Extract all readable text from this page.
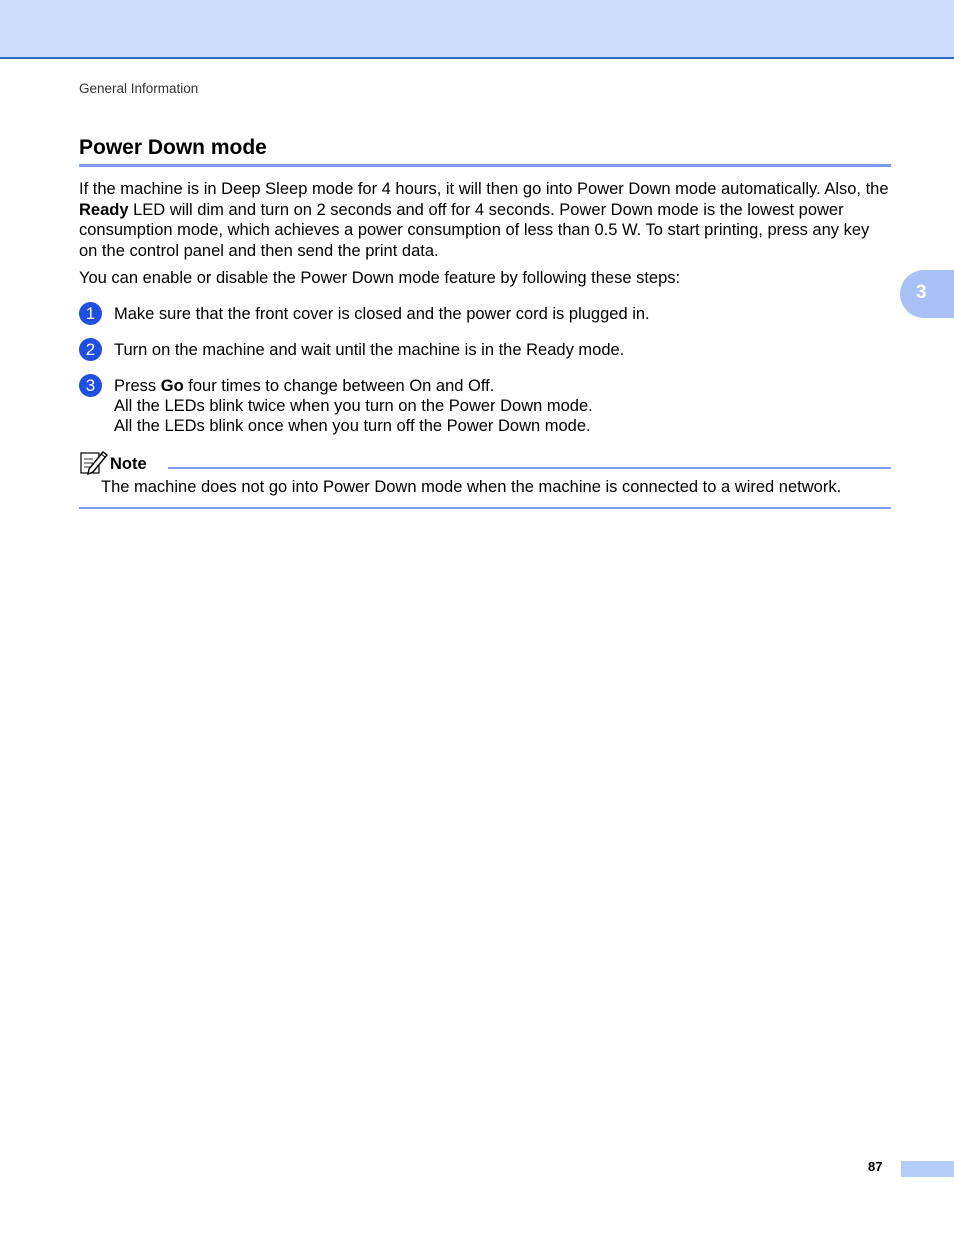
General Information
3
Power Down mode

If the machine is in Deep Sleep mode for 4 hours, it will then go into Power Down mode automatically. Also, the Ready LED will dim and turn on 2 seconds and off for 4 seconds. Power Down mode is the lowest power consumption mode, which achieves a power consumption of less than 0.5 W. To start printing, press any key on the control panel and then send the print data.

You can enable or disable the Power Down mode feature by following these steps:

1	Make sure that the front cover is closed and the power cord is plugged in.
2	Turn on the machine and wait until the machine is in the Ready mode.
3	Press Go four times to change between On and Off.
All the LEDs blink twice when you turn on the Power Down mode.
All the LEDs blink once when you turn off the Power Down mode.
Note
The machine does not go into Power Down mode when the machine is connected to a wired network.
87
